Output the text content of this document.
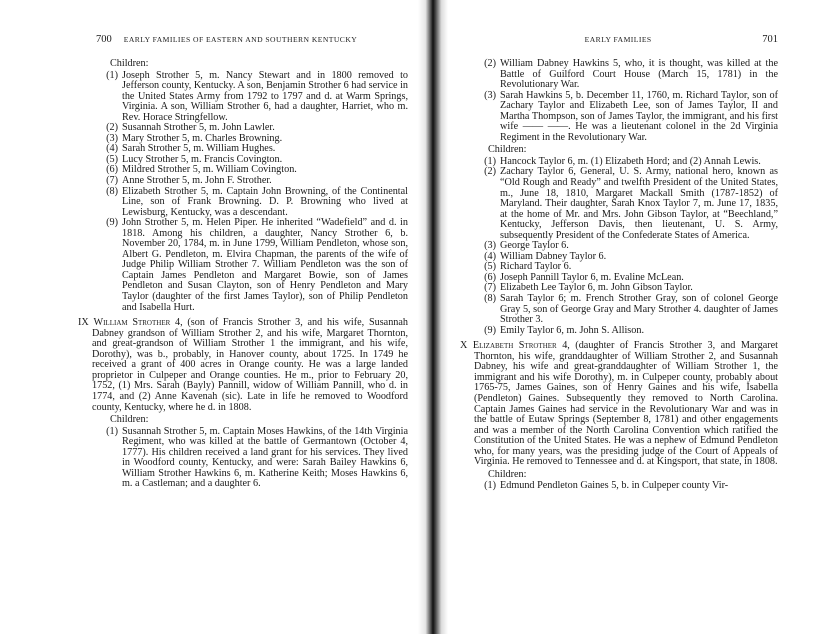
700	EARLY FAMILIES OF EASTERN AND SOUTHERN KENTUCKY

Children:

(1) Joseph Strother 5, m. Nancy Stewart and in 1800 removed to Jefferson county, Kentucky. A son, Benjamin Strother 6 had service in the United States Army from 1792 to 1797 and d. at Warm Springs, Virginia. A son, William Strother 6, had a daughter, Harriet, who m. Rev. Horace Stringfellow.
(2) Susannah Strother 5, m. John Lawler.
(3) Mary Strother 5, m. Charles Browning.
(4) Sarah Strother 5, m. William Hughes.
(5) Lucy Strother 5, m. Francis Covington.
(6) Mildred Strother 5, m. William Covington.
(7) Anne Strother 5, m. John F. Strother.
(8) Elizabeth Strother 5, m. Captain John Browning, of the Continental Line, son of Frank Browning. D. P. Browning who lived at Lewisburg, Kentucky, was a descendant.
(9) John Strother 5, m. Helen Piper. He inherited “Wadefield” and d. in 1818. Among his children, a daughter, Nancy Strother 6, b. November 20, 1784, m. in June 1799, William Pendleton, whose son, Albert G. Pendleton, m. Elvira Chapman, the parents of the wife of Judge Philip William Strother 7. William Pendleton was the son of Captain James Pendleton and Margaret Bowie, son of James Pendleton and Susan Clayton, son of Henry Pendleton and Mary Taylor (daughter of the first James Taylor), son of Philip Pendleton and Isabella Hurt.

IX William Strother 4, (son of Francis Strother 3, and his wife, Susannah Dabney grandson of William Strother 2, and his wife, Margaret Thornton, and great-grandson of William Strother 1 the immigrant, and his wife, Dorothy), was b., probably, in Hanover county, about 1725. In 1749 he received a grant of 400 acres in Orange county. He was a large landed proprietor in Culpeper and Orange counties. He m., prior to February 20, 1752, (1) Mrs. Sarah (Bayly) Pannill, widow of William Pannill, who d. in 1774, and (2) Anne Kavenah (sic). Late in life he removed to Woodford county, Kentucky, where he d. in 1808.

Children:

(1) Susannah Strother 5, m. Captain Moses Hawkins, of the 14th Virginia Regiment, who was killed at the battle of Germantown (October 4, 1777). His children received a land grant for his services. They lived in Woodford county, Kentucky, and were: Sarah Bailey Hawkins 6, William Strother Hawkins 6, m. Katherine Keith; Moses Hawkins 6, m. a Castleman; and a daughter 6.
EARLY FAMILIES	701
(2) William Dabney Hawkins 5, who, it is thought, was killed at the Battle of Guilford Court House (March 15, 1781) in the Revolutionary War.
(3) Sarah Hawkins 5, b. December 11, 1760, m. Richard Taylor, son of Zachary Taylor and Elizabeth Lee, son of James Taylor, II and Martha Thompson, son of James Taylor, the immigrant, and his first wife —— ——. He was a lieutenant colonel in the 2d Virginia Regiment in the Revolutionary War.

Children:

(1) Hancock Taylor 6, m. (1) Elizabeth Hord; and (2) Annah Lewis.
(2) Zachary Taylor 6, General, U. S. Army, national hero, known as “Old Rough and Ready” and twelfth President of the United States, m., June 18, 1810, Margaret Mackall Smith (1787-1852) of Maryland. Their daughter, Sarah Knox Taylor 7, m. June 17, 1835, at the home of Mr. and Mrs. John Gibson Taylor, at “Beechland,” Kentucky, Jefferson Davis, then lieutenant, U. S. Army, subsequently President of the Confederate States of America.
(3) George Taylor 6.
(4) William Dabney Taylor 6.
(5) Richard Taylor 6.
(6) Joseph Pannill Taylor 6, m. Evaline McLean.
(7) Elizabeth Lee Taylor 6, m. John Gibson Taylor.
(8) Sarah Taylor 6; m. French Strother Gray, son of colonel George Gray 5, son of George Gray and Mary Strother 4. daughter of James Strother 3.
(9) Emily Taylor 6, m. John S. Allison.

X Elizabeth Strother 4, (daughter of Francis Strother 3, and Margaret Thornton, his wife, granddaughter of William Strother 2, and Susannah Dabney, his wife and great-granddaughter of William Strother 1, the immigrant and his wife Dorothy), m. in Culpeper county, probably about 1765-75, James Gaines, son of Henry Gaines and his wife, Isabella (Pendleton) Gaines. Subsequently they removed to North Carolina. Captain James Gaines had service in the Revolutionary War and was in the battle of Eutaw Springs (September 8, 1781) and other engagements and was a member of the North Carolina Convention which ratified the Constitution of the United States. He was a nephew of Edmund Pendleton who, for many years, was the presiding judge of the Court of Appeals of Virginia. He removed to Tennessee and d. at Kingsport, that state, in 1808.

Children:

(1) Edmund Pendleton Gaines 5, b. in Culpeper county Vir-
